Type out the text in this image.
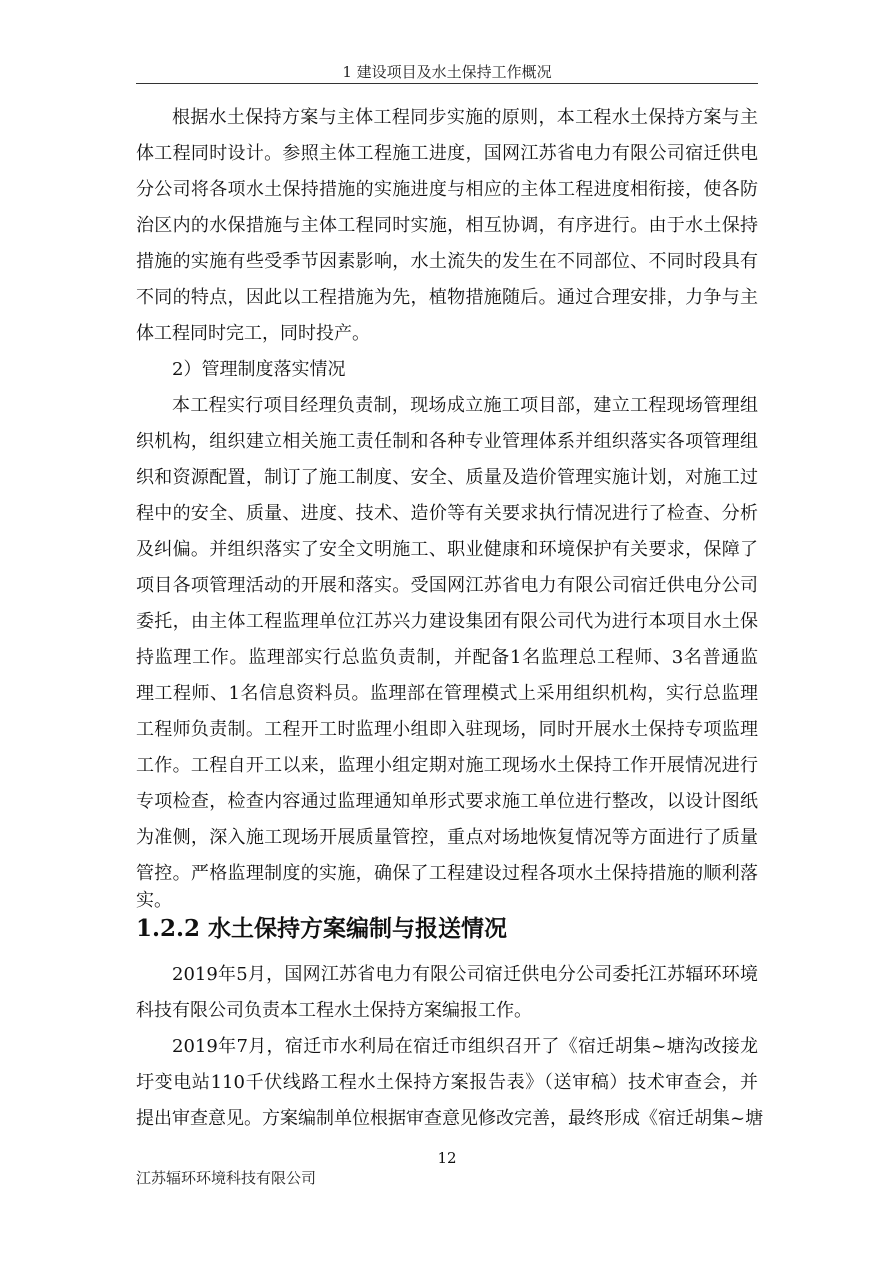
1 建设项目及水土保持工作概况
根据水土保持方案与主体工程同步实施的原则，本工程水土保持方案与主
体工程同时设计。参照主体工程施工进度，国网江苏省电力有限公司宿迁供电
分公司将各项水土保持措施的实施进度与相应的主体工程进度相衔接，使各防
治区内的水保措施与主体工程同时实施，相互协调，有序进行。由于水土保持
措施的实施有些受季节因素影响，水土流失的发生在不同部位、不同时段具有
不同的特点，因此以工程措施为先，植物措施随后。通过合理安排，力争与主
体工程同时完工，同时投产。
2）管理制度落实情况
本工程实行项目经理负责制，现场成立施工项目部，建立工程现场管理组
织机构，组织建立相关施工责任制和各种专业管理体系并组织落实各项管理组
织和资源配置，制订了施工制度、安全、质量及造价管理实施计划，对施工过
程中的安全、质量、进度、技术、造价等有关要求执行情况进行了检查、分析
及纠偏。并组织落实了安全文明施工、职业健康和环境保护有关要求，保障了
项目各项管理活动的开展和落实。受国网江苏省电力有限公司宿迁供电分公司
委托，由主体工程监理单位江苏兴力建设集团有限公司代为进行本项目水土保
持监理工作。监理部实行总监负责制，并配备1名监理总工程师、3名普通监
理工程师、1名信息资料员。监理部在管理模式上采用组织机构，实行总监理
工程师负责制。工程开工时监理小组即入驻现场，同时开展水土保持专项监理
工作。工程自开工以来，监理小组定期对施工现场水土保持工作开展情况进行
专项检查，检查内容通过监理通知单形式要求施工单位进行整改，以设计图纸
为准侧，深入施工现场开展质量管控，重点对场地恢复情况等方面进行了质量
管控。严格监理制度的实施，确保了工程建设过程各项水土保持措施的顺利落
实。
1.2.2 水土保持方案编制与报送情况
2019年5月，国网江苏省电力有限公司宿迁供电分公司委托江苏辐环环境
科技有限公司负责本工程水土保持方案编报工作。
2019年7月，宿迁市水利局在宿迁市组织召开了《宿迁胡集~塘沟改接龙
圩变电站110千伏线路工程水土保持方案报告表》（送审稿）技术审查会，并
提出审查意见。方案编制单位根据审查意见修改完善，最终形成《宿迁胡集~塘
12
江苏辐环环境科技有限公司
